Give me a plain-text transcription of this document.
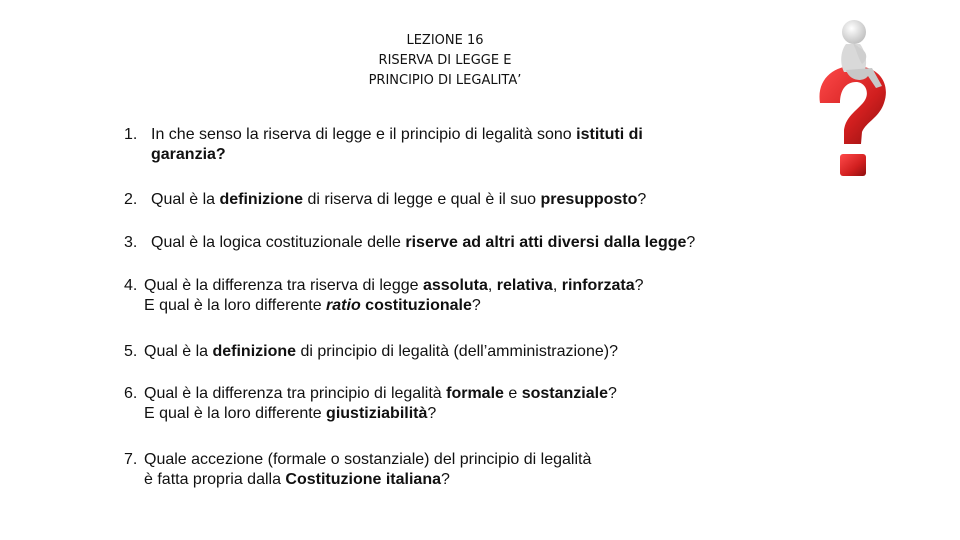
LEZIONE 16
RISERVA DI LEGGE E
PRINCIPIO DI LEGALITA’
1. In che senso la riserva di legge e il principio di legalità sono istituti di
garanzia?
2. Qual è la definizione di riserva di legge e qual è il suo presupposto?
3. Qual è la logica costituzionale delle riserve ad altri atti diversi dalla legge?
4. Qual è la differenza tra riserva di legge assoluta, relativa, rinforzata?
E qual è la loro differente ratio costituzionale?
5. Qual è la definizione di principio di legalità (dell’amministrazione)?
6. Qual è la differenza tra principio di legalità formale e sostanziale?
E qual è la loro differente giustiziabilità?
7. Quale accezione (formale o sostanziale) del principio di legalità
è fatta propria dalla Costituzione italiana?
